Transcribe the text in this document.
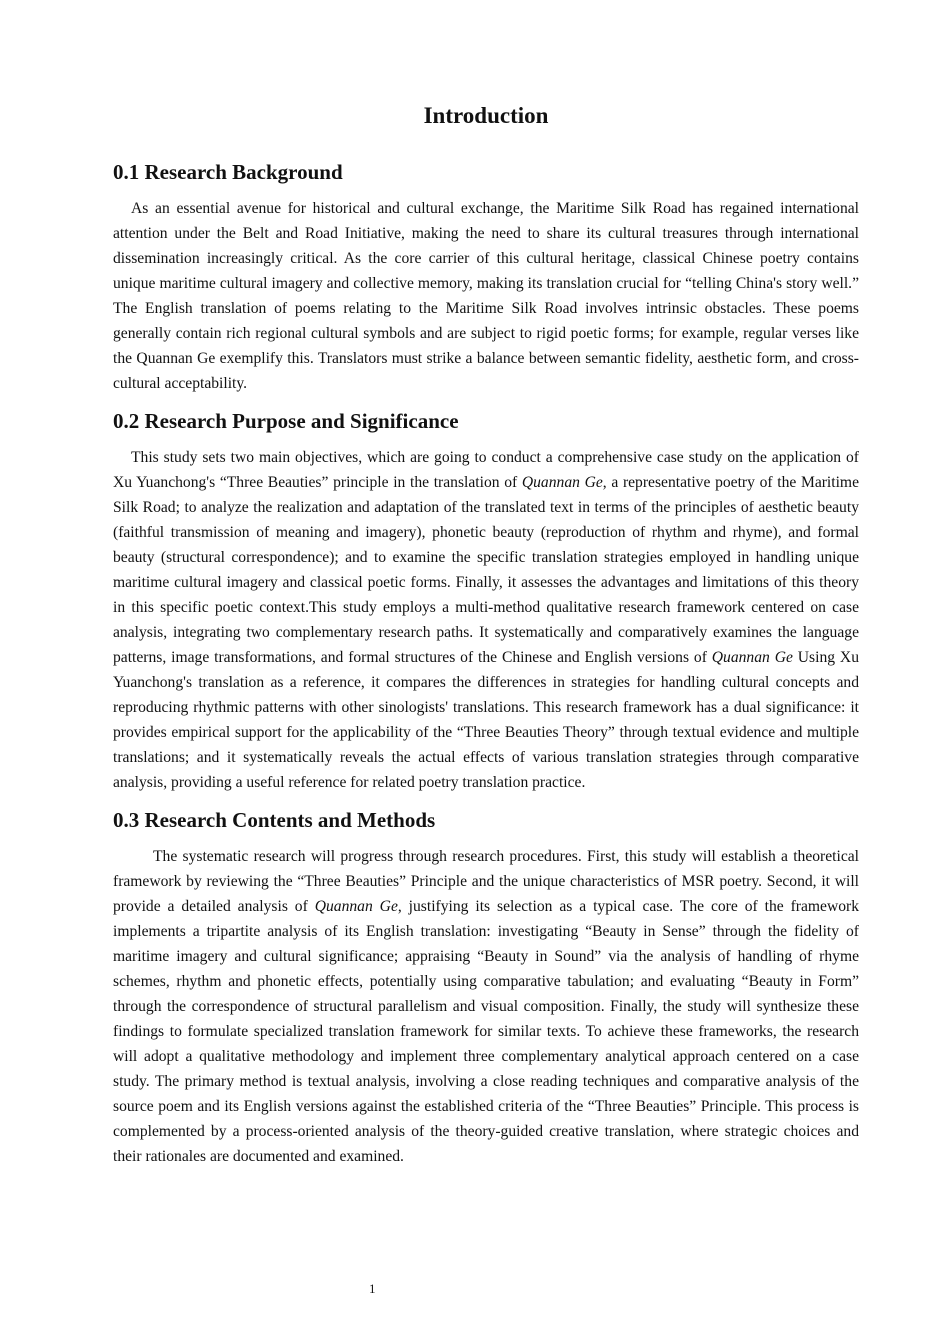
Introduction
0.1 Research Background

As an essential avenue for historical and cultural exchange, the Maritime Silk Road has regained international attention under the Belt and Road Initiative, making the need to share its cultural treasures through international dissemination increasingly critical. As the core carrier of this cultural heritage, classical Chinese poetry contains unique maritime cultural imagery and collective memory, making its translation crucial for “telling China's story well.” The English translation of poems relating to the Maritime Silk Road involves intrinsic obstacles. These poems generally contain rich regional cultural symbols and are subject to rigid poetic forms; for example, regular verses like the Quannan Ge exemplify this. Translators must strike a balance between semantic fidelity, aesthetic form, and cross-cultural acceptability.

0.2 Research Purpose and Significance

This study sets two main objectives, which are going to conduct a comprehensive case study on the application of Xu Yuanchong's “Three Beauties” principle in the translation of Quannan Ge, a representative poetry of the Maritime Silk Road; to analyze the realization and adaptation of the translated text in terms of the principles of aesthetic beauty (faithful transmission of meaning and imagery), phonetic beauty (reproduction of rhythm and rhyme), and formal beauty (structural correspondence); and to examine the specific translation strategies employed in handling unique maritime cultural imagery and classical poetic forms. Finally, it assesses the advantages and limitations of this theory in this specific poetic context.This study employs a multi-method qualitative research framework centered on case analysis, integrating two complementary research paths. It systematically and comparatively examines the language patterns, image transformations, and formal structures of the Chinese and English versions of Quannan Ge Using Xu Yuanchong's translation as a reference, it compares the differences in strategies for handling cultural concepts and reproducing rhythmic patterns with other sinologists' translations. This research framework has a dual significance: it provides empirical support for the applicability of the “Three Beauties Theory” through textual evidence and multiple translations; and it systematically reveals the actual effects of various translation strategies through comparative analysis, providing a useful reference for related poetry translation practice.

0.3 Research Contents and Methods

The systematic research will progress through research procedures. First, this study will establish a theoretical framework by reviewing the “Three Beauties” Principle and the unique characteristics of MSR poetry. Second, it will provide a detailed analysis of Quannan Ge, justifying its selection as a typical case. The core of the framework implements a tripartite analysis of its English translation: investigating “Beauty in Sense” through the fidelity of maritime imagery and cultural significance; appraising “Beauty in Sound” via the analysis of handling of rhyme schemes, rhythm and phonetic effects, potentially using comparative tabulation; and evaluating “Beauty in Form” through the correspondence of structural parallelism and visual composition. Finally, the study will synthesize these findings to formulate specialized translation framework for similar texts. To achieve these frameworks, the research will adopt a qualitative methodology and implement three complementary analytical approach centered on a case study. The primary method is textual analysis, involving a close reading techniques and comparative analysis of the source poem and its English versions against the established criteria of the “Three Beauties” Principle. This process is complemented by a process-oriented analysis of the theory-guided creative translation, where strategic choices and their rationales are documented and examined.

1
